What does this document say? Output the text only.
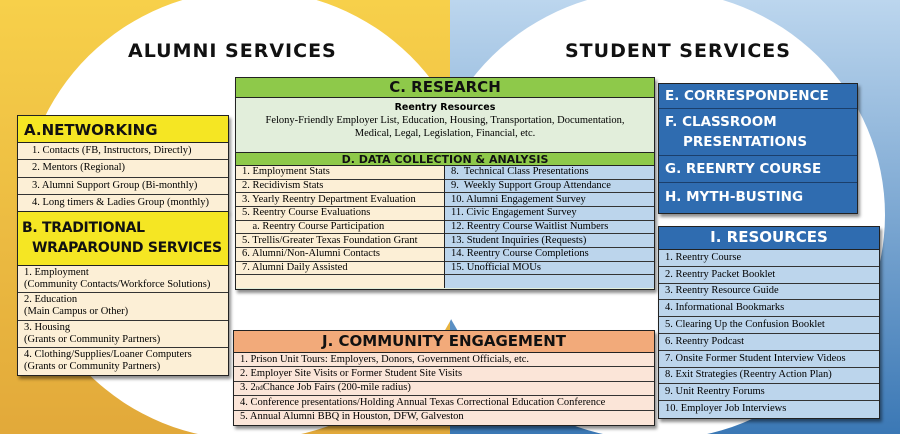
ALUMNI SERVICES	STUDENT SERVICES
A.NETWORKING
1. Contacts (FB, Instructors, Directly)
2. Mentors (Regional)
3. Alumni Support Group (Bi-monthly)
4. Long timers & Ladies Group (monthly)
B. TRADITIONAL
WRAPAROUND SERVICES
1. Employment
(Community Contacts/Workforce Solutions)
2. Education
(Main Campus or Other)
3. Housing
(Grants or Community Partners)
4. Clothing/Supplies/Loaner Computers
(Grants or Community Partners)
C. RESEARCH
Reentry Resources
Felony-Friendly Employer List, Education, Housing, Transportation, Documentation,
Medical, Legal, Legislation, Financial, etc.
D. DATA COLLECTION & ANALYSIS
1. Employment Stats
2. Recidivism Stats
3. Yearly Reentry Department Evaluation
5. Reentry Course Evaluations
a. Reentry Course Participation
5. Trellis/Greater Texas Foundation Grant
6. Alumni/Non-Alumni Contacts
7. Alumni Daily Assisted
8.  Technical Class Presentations
9.  Weekly Support Group Attendance
10. Alumni Engagement Survey
11. Civic Engagement Survey
12. Reentry Course Waitlist Numbers
13. Student Inquiries (Requests)
14. Reentry Course Completions
15. Unofficial MOUs
E. CORRESPONDENCE
F. CLASSROOM
PRESENTATIONS
G. REENRTY COURSE
H. MYTH-BUSTING
I. RESOURCES
1. Reentry Course
2. Reentry Packet Booklet
3. Reentry Resource Guide
4. Informational Bookmarks
5. Clearing Up the Confusion Booklet
6. Reentry Podcast
7. Onsite Former Student Interview Videos
8. Exit Strategies (Reentry Action Plan)
9. Unit Reentry Forums
10. Employer Job Interviews
J. COMMUNITY ENGAGEMENT
1. Prison Unit Tours: Employers, Donors, Government Officials, etc.
2. Employer Site Visits or Former Student Site Visits
3. 2 nd Chance Job Fairs (200-mile radius)
4. Conference presentations/Holding Annual Texas Correctional Education Conference
5. Annual Alumni BBQ in Houston, DFW, Galveston
